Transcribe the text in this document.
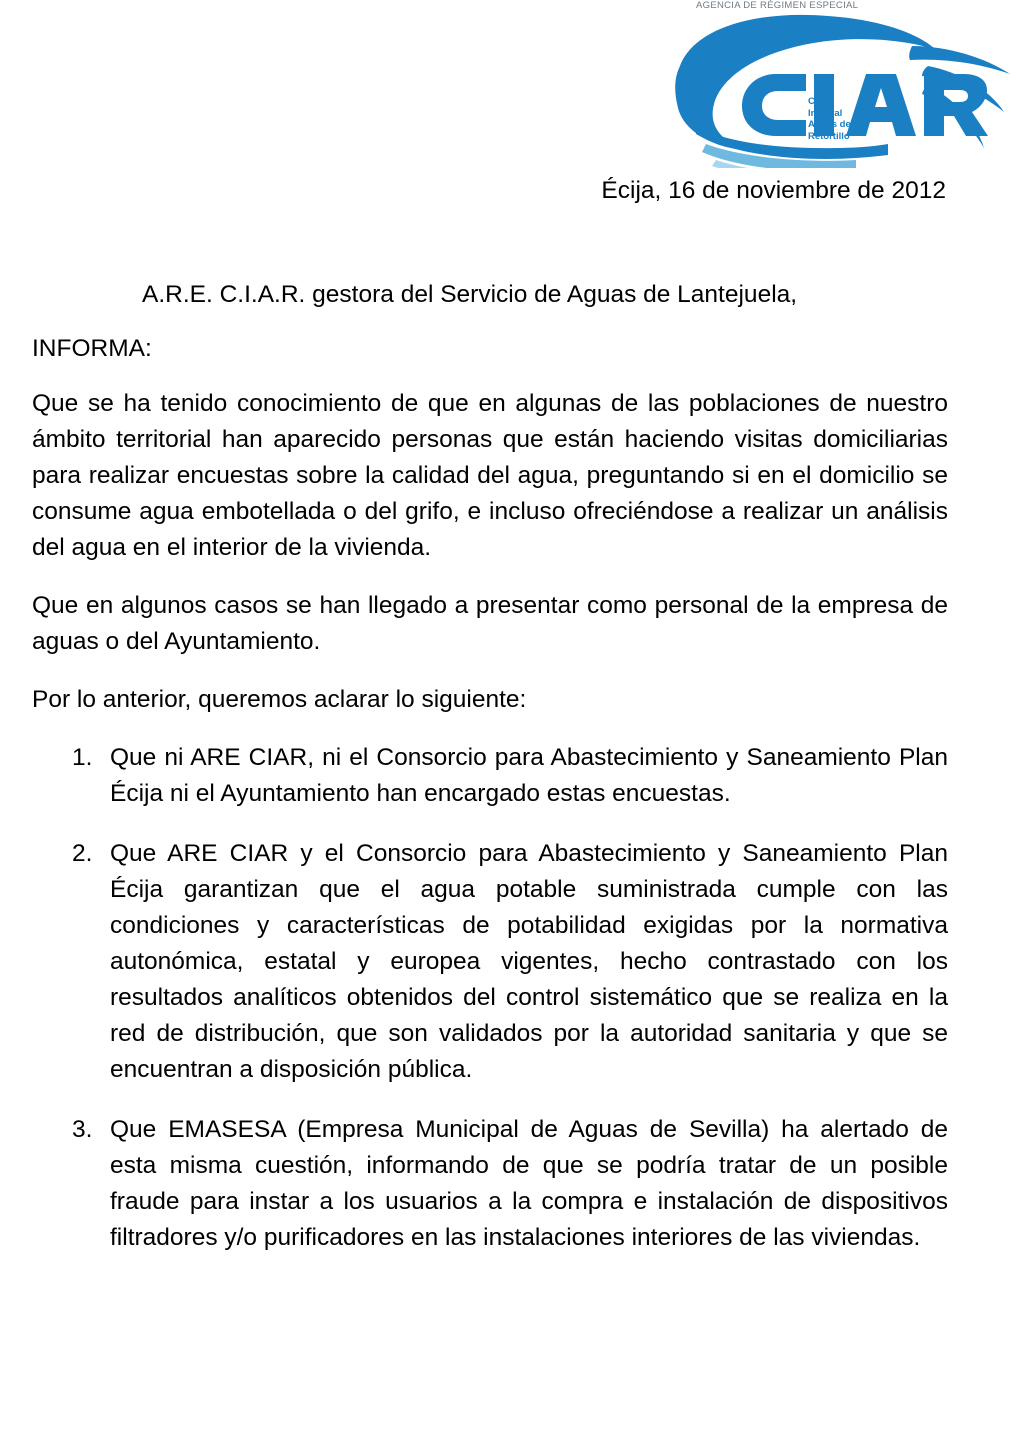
AGENCIA DE RÉGIMEN ESPECIAL
Ciclo
Integral
Aguas del
Retortillo
Écija, 16 de noviembre de 2012
A.R.E. C.I.A.R. gestora del Servicio de Aguas de Lantejuela,
INFORMA:

Que se ha tenido conocimiento de que en algunas de las poblaciones de nuestro ámbito territorial han aparecido personas que están haciendo visitas domiciliarias para realizar encuestas sobre la calidad del agua, preguntando si en el domicilio se consume agua embotellada o del grifo, e incluso ofreciéndose a realizar un análisis del agua en el interior de la vivienda.

Que en algunos casos se han llegado a presentar como personal de la empresa de aguas o del Ayuntamiento.

Por lo anterior, queremos aclarar lo siguiente:

Que ni ARE CIAR, ni el Consorcio para Abastecimiento y Saneamiento Plan Écija ni el Ayuntamiento han encargado estas encuestas.
Que ARE CIAR y el Consorcio para Abastecimiento y Saneamiento Plan Écija garantizan que el agua potable suministrada cumple con las condiciones y características de potabilidad exigidas por la normativa autonómica, estatal y europea vigentes, hecho contrastado con los resultados analíticos obtenidos del control sistemático que se realiza en la red de distribución, que son validados por la autoridad sanitaria y que se encuentran a disposición pública.
Que EMASESA (Empresa Municipal de Aguas de Sevilla) ha alertado de esta misma cuestión, informando de que se podría tratar de un posible fraude para instar a los usuarios a la compra e instalación de dispositivos filtradores y/o purificadores en las instalaciones interiores de las viviendas.
